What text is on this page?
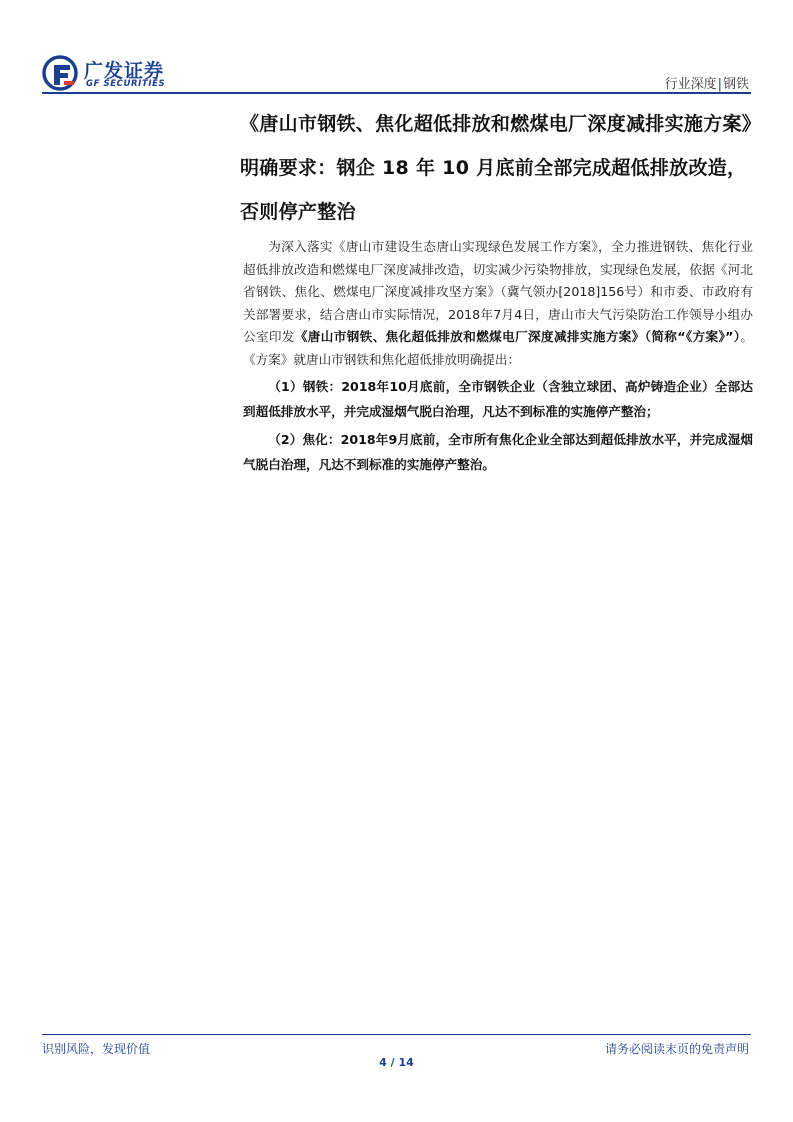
广发证券
GF SECURITIES	行业深度|钢铁
《唐山市钢铁、焦化超低排放和燃煤电厂深度减排实施方案》明确要求：钢企 18 年 10 月底前全部完成超低排放改造，否则停产整治

为深入落实《唐山市建设生态唐山实现绿色发展工作方案》，全力推进钢铁、焦化行业超低排放改造和燃煤电厂深度减排改造，切实减少污染物排放，实现绿色发展，依据《河北省钢铁、焦化、燃煤电厂深度减排攻坚方案》（冀气领办[2018]156号）和市委、市政府有关部署要求，结合唐山市实际情况，2018年7月4日，唐山市大气污染防治工作领导小组办公室印发《唐山市钢铁、焦化超低排放和燃煤电厂深度减排实施方案》（简称“《方案》”）。《方案》就唐山市钢铁和焦化超低排放明确提出：

（1）钢铁：2018年10月底前，全市钢铁企业（含独立球团、高炉铸造企业）全部达到超低排放水平，并完成湿烟气脱白治理，凡达不到标准的实施停产整治；

（2）焦化：2018年9月底前，全市所有焦化企业全部达到超低排放水平，并完成湿烟气脱白治理，凡达不到标准的实施停产整治。

识别风险，发现价值	请务必阅读末页的免责声明
4 / 14
